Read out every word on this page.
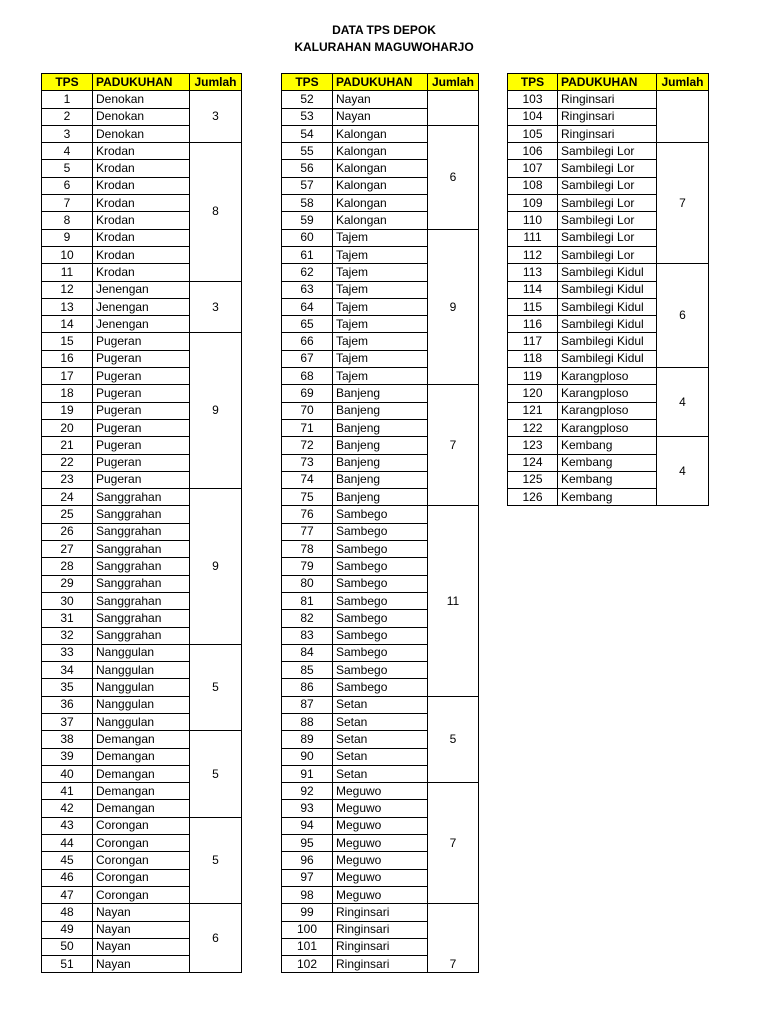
DATA TPS DEPOK
KALURAHAN MAGUWOHARJO
TPS	PADUKUHAN	Jumlah
1	Denokan	3
2	Denokan	
3	Denokan	
4	Krodan	8
5	Krodan	
6	Krodan	
7	Krodan	
8	Krodan	
9	Krodan	
10	Krodan	
11	Krodan	
12	Jenengan	3
13	Jenengan	
14	Jenengan	
15	Pugeran	9
16	Pugeran	
17	Pugeran	
18	Pugeran	
19	Pugeran	
20	Pugeran	
21	Pugeran	
22	Pugeran	
23	Pugeran	
24	Sanggrahan	9
25	Sanggrahan	
26	Sanggrahan	
27	Sanggrahan	
28	Sanggrahan	
29	Sanggrahan	
30	Sanggrahan	
31	Sanggrahan	
32	Sanggrahan	
33	Nanggulan	5
34	Nanggulan	
35	Nanggulan	
36	Nanggulan	
37	Nanggulan	
38	Demangan	5
39	Demangan	
40	Demangan	
41	Demangan	
42	Demangan	
43	Corongan	5
44	Corongan	
45	Corongan	
46	Corongan	
47	Corongan	
48	Nayan	6
49	Nayan	
50	Nayan	
51	Nayan	
TPS	PADUKUHAN	Jumlah
52	Nayan	
53	Nayan	
54	Kalongan	6
55	Kalongan	
56	Kalongan	
57	Kalongan	
58	Kalongan	
59	Kalongan	
60	Tajem	9
61	Tajem	
62	Tajem	
63	Tajem	
64	Tajem	
65	Tajem	
66	Tajem	
67	Tajem	
68	Tajem	
69	Banjeng	7
70	Banjeng	
71	Banjeng	
72	Banjeng	
73	Banjeng	
74	Banjeng	
75	Banjeng	
76	Sambego	11
77	Sambego	
78	Sambego	
79	Sambego	
80	Sambego	
81	Sambego	
82	Sambego	
83	Sambego	
84	Sambego	
85	Sambego	
86	Sambego	
87	Setan	5
88	Setan	
89	Setan	
90	Setan	
91	Setan	
92	Meguwo	7
93	Meguwo	
94	Meguwo	
95	Meguwo	
96	Meguwo	
97	Meguwo	
98	Meguwo	
99	Ringinsari	7
100	Ringinsari	
101	Ringinsari	
102	Ringinsari	
TPS	PADUKUHAN	Jumlah
103	Ringinsari	
104	Ringinsari	
105	Ringinsari	
106	Sambilegi Lor	7
107	Sambilegi Lor	
108	Sambilegi Lor	
109	Sambilegi Lor	
110	Sambilegi Lor	
111	Sambilegi Lor	
112	Sambilegi Lor	
113	Sambilegi Kidul	6
114	Sambilegi Kidul	
115	Sambilegi Kidul	
116	Sambilegi Kidul	
117	Sambilegi Kidul	
118	Sambilegi Kidul	
119	Karangploso	4
120	Karangploso	
121	Karangploso	
122	Karangploso	
123	Kembang	4
124	Kembang	
125	Kembang	
126	Kembang	
